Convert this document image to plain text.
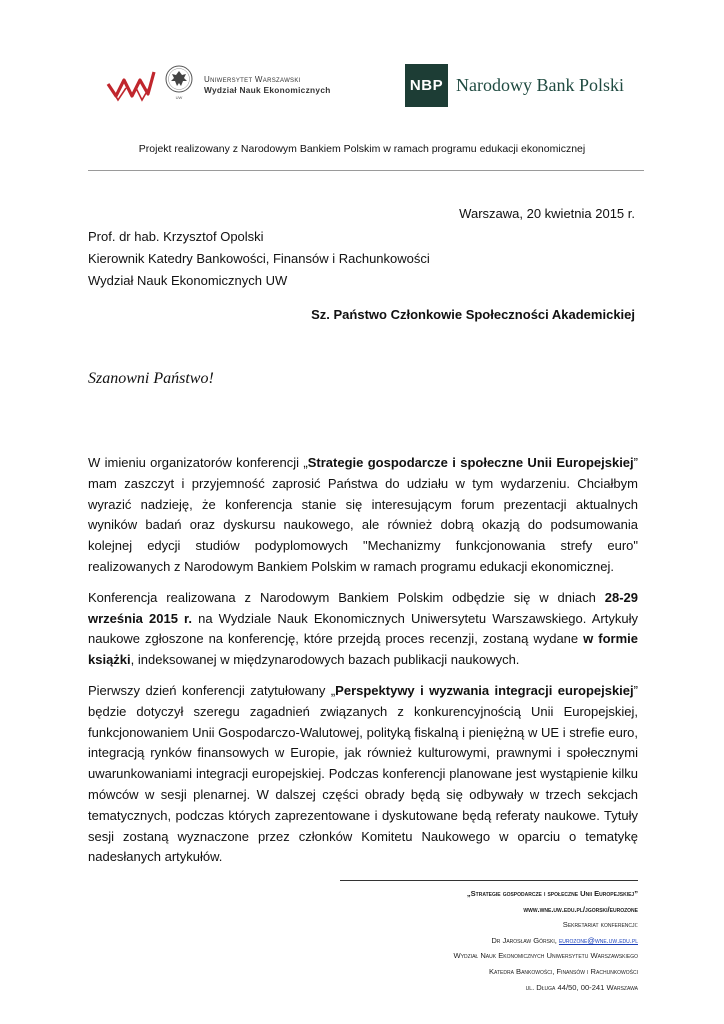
UW
Uniwersytet Warszawski
Wydział Nauk Ekonomicznych	NBP Narodowy Bank Polski
Projekt realizowany z Narodowym Bankiem Polskim w ramach programu edukacji ekonomicznej
Warszawa, 20 kwietnia 2015 r.
Prof. dr hab. Krzysztof Opolski
Kierownik Katedry Bankowości, Finansów i Rachunkowości
Wydział Nauk Ekonomicznych UW
Sz. Państwo Członkowie Społeczności Akademickiej
Szanowni Państwo!

W imieniu organizatorów konferencji „Strategie gospodarcze i społeczne Unii Europejskiej” mam zaszczyt i przyjemność zaprosić Państwa do udziału w tym wydarzeniu. Chciałbym wyrazić nadzieję, że konferencja stanie się interesującym forum prezentacji aktualnych wyników badań oraz dyskursu naukowego, ale również dobrą okazją do podsumowania kolejnej edycji studiów podyplomowych "Mechanizmy funkcjonowania strefy euro" realizowanych z Narodowym Bankiem Polskim w ramach programu edukacji ekonomicznej.

Konferencja realizowana z Narodowym Bankiem Polskim odbędzie się w dniach 28-29 września 2015 r. na Wydziale Nauk Ekonomicznych Uniwersytetu Warszawskiego. Artykuły naukowe zgłoszone na konferencję, które przejdą proces recenzji, zostaną wydane w formie książki, indeksowanej w międzynarodowych bazach publikacji naukowych.

Pierwszy dzień konferencji zatytułowany „Perspektywy i wyzwania integracji europejskiej” będzie dotyczył szeregu zagadnień związanych z konkurencyjnością Unii Europejskiej, funkcjonowaniem Unii Gospodarczo-Walutowej, polityką fiskalną i pieniężną w UE i strefie euro, integracją rynków finansowych w Europie, jak również kulturowymi, prawnymi i społecznymi uwarunkowaniami integracji europejskiej. Podczas konferencji planowane jest wystąpienie kilku mówców w sesji plenarnej. W dalszej części obrady będą się odbywały w trzech sekcjach tematycznych, podczas których zaprezentowane i dyskutowane będą referaty naukowe. Tytuły sesji zostaną wyznaczone przez członków Komitetu Naukowego w oparciu o tematykę nadesłanych artykułów.

„Strategie gospodarcze i społeczne Unii Europejskiej”
www.wne.uw.edu.pl/jgorski/eurozone
Sekretariat konferencji:
Dr Jarosław Górski, eurozone@wne.uw.edu.pl
Wydział Nauk Ekonomicznych Uniwersytetu Warszawskiego
Katedra Bankowości, Finansów i Rachunkowości
ul. Długa 44/50, 00-241 Warszawa
